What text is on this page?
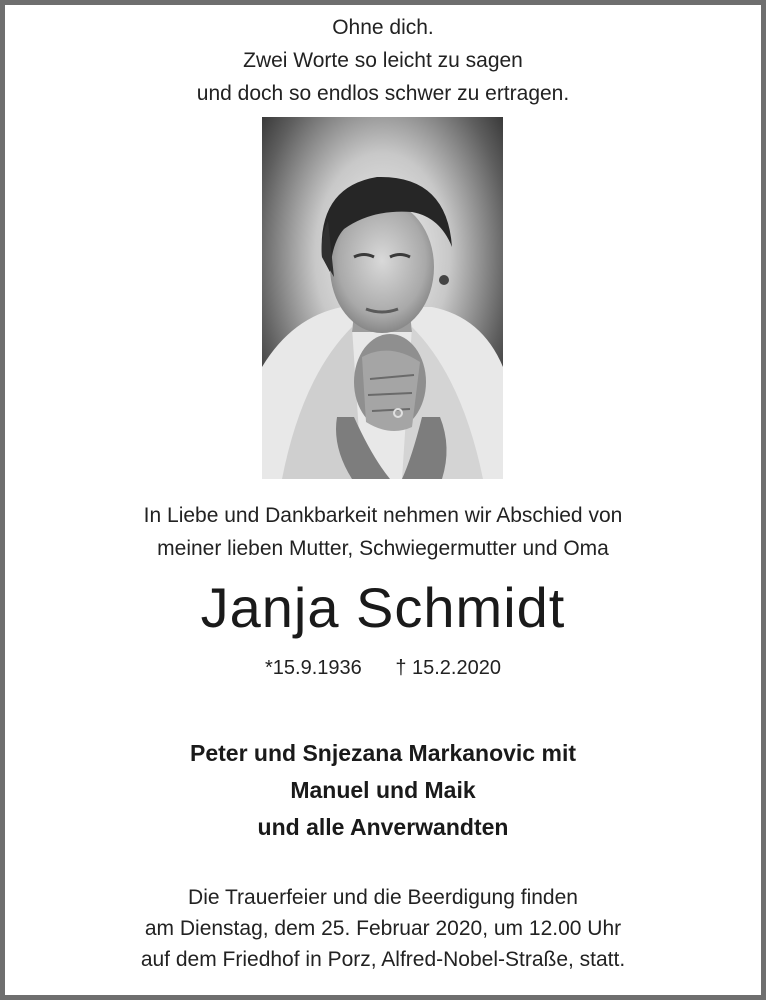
Ohne dich.
Zwei Worte so leicht zu sagen
und doch so endlos schwer zu ertragen.
In Liebe und Dankbarkeit nehmen wir Abschied von
meiner lieben Mutter, Schwiegermutter und Oma
Janja Schmidt
*15.9.1936 † 15.2.2020
Peter und Snjezana Markanovic mit
Manuel und Maik
und alle Anverwandten
Die Trauerfeier und die Beerdigung finden
am Dienstag, dem 25. Februar 2020, um 12.00 Uhr
auf dem Friedhof in Porz, Alfred-Nobel-Straße, statt.
